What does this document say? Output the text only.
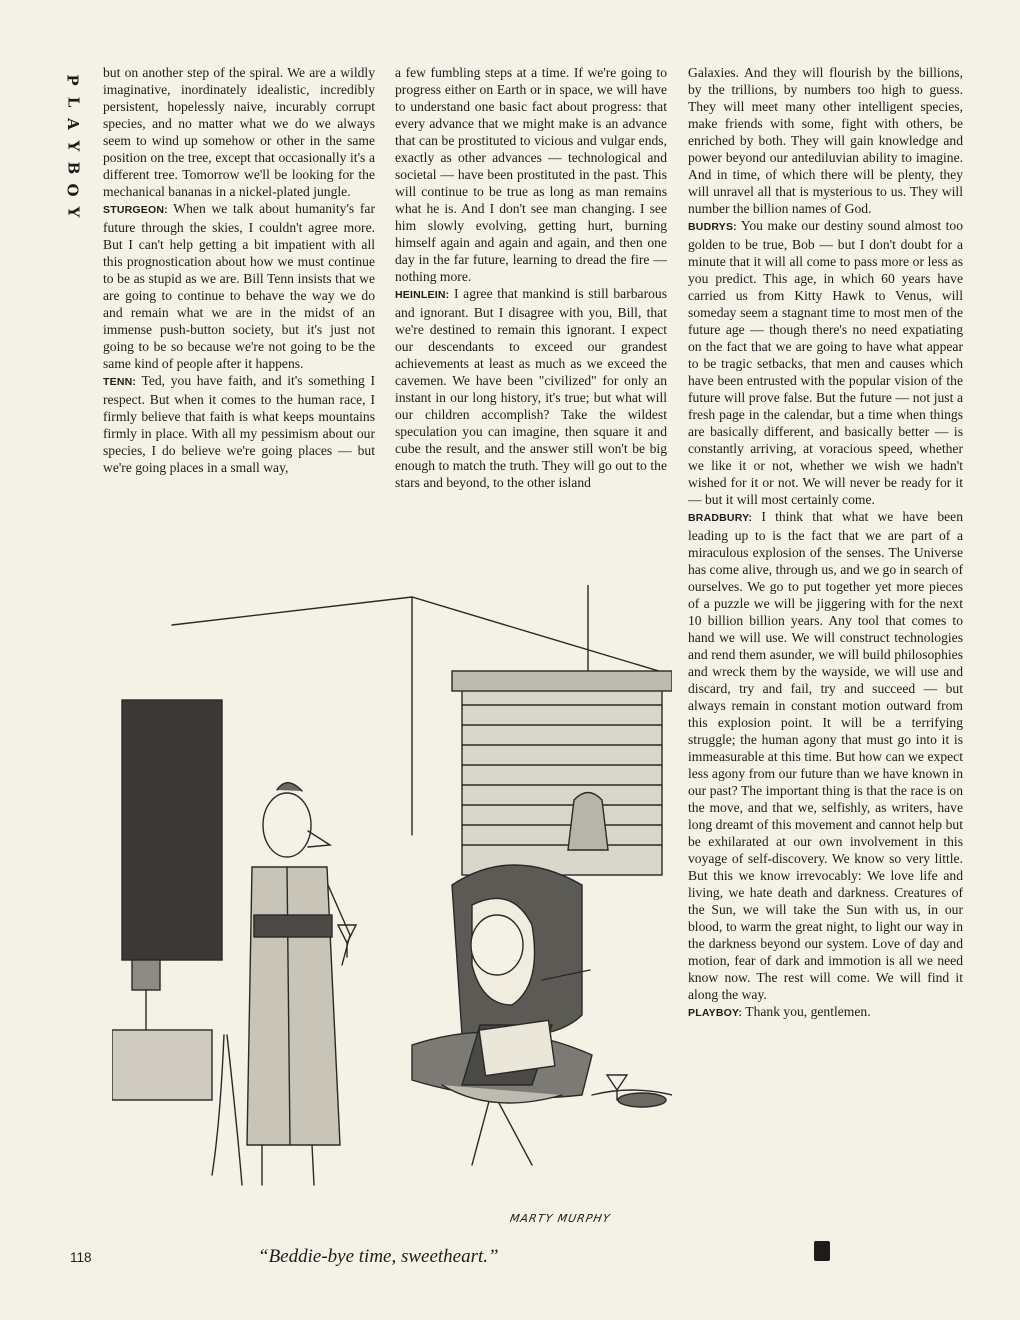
P
L
A
Y
B
O
Y

but on another step of the spiral. We are a wildly imaginative, inordinately idealistic, incredibly persistent, hopelessly naive, incurably corrupt species, and no matter what we do we always seem to wind up somehow or other in the same position on the tree, except that occasionally it's a different tree. Tomorrow we'll be looking for the mechanical bananas in a nickel-plated jungle.

STURGEON: When we talk about humanity's far future through the skies, I couldn't agree more. But I can't help getting a bit impatient with all this prognostication about how we must continue to be as stupid as we are. Bill Tenn insists that we are going to continue to behave the way we do and remain what we are in the midst of an immense push-button society, but it's just not going to be so because we're not going to be the same kind of people after it happens.

TENN: Ted, you have faith, and it's something I respect. But when it comes to the human race, I firmly believe that faith is what keeps mountains firmly in place. With all my pessimism about our species, I do believe we're going places — but we're going places in a small way,

a few fumbling steps at a time. If we're going to progress either on Earth or in space, we will have to understand one basic fact about progress: that every advance that we might make is an advance that can be prostituted to vicious and vulgar ends, exactly as other advances — technological and societal — have been prostituted in the past. This will continue to be true as long as man remains what he is. And I don't see man changing. I see him slowly evolving, getting hurt, burning himself again and again and again, and then one day in the far future, learning to dread the fire — nothing more.

HEINLEIN: I agree that mankind is still barbarous and ignorant. But I disagree with you, Bill, that we're destined to remain this ignorant. I expect our descendants to exceed our grandest achievements at least as much as we exceed the cavemen. We have been "civilized" for only an instant in our long history, it's true; but what will our children accomplish? Take the wildest speculation you can imagine, then square it and cube the result, and the answer still won't be big enough to match the truth. They will go out to the stars and beyond, to the other island

Galaxies. And they will flourish by the billions, by the trillions, by numbers too high to guess. They will meet many other intelligent species, make friends with some, fight with others, be enriched by both. They will gain knowledge and power beyond our antediluvian ability to imagine. And in time, of which there will be plenty, they will unravel all that is mysterious to us. They will number the billion names of God.

BUDRYS: You make our destiny sound almost too golden to be true, Bob — but I don't doubt for a minute that it will all come to pass more or less as you predict. This age, in which 60 years have carried us from Kitty Hawk to Venus, will someday seem a stagnant time to most men of the future age — though there's no need expatiating on the fact that we are going to have what appear to be tragic setbacks, that men and causes which have been entrusted with the popular vision of the future will prove false. But the future — not just a fresh page in the calendar, but a time when things are basically different, and basically better — is constantly arriving, at voracious speed, whether we like it or not, whether we wish we hadn't wished for it or not. We will never be ready for it — but it will most certainly come.

BRADBURY: I think that what we have been leading up to is the fact that we are part of a miraculous explosion of the senses. The Universe has come alive, through us, and we go in search of ourselves. We go to put together yet more pieces of a puzzle we will be jiggering with for the next 10 billion billion years. Any tool that comes to hand we will use. We will construct technologies and rend them asunder, we will build philosophies and wreck them by the wayside, we will use and discard, try and fail, try and succeed — but always remain in constant motion outward from this explosion point. It will be a terrifying struggle; the human agony that must go into it is immeasurable at this time. But how can we expect less agony from our future than we have known in our past? The important thing is that the race is on the move, and that we, selfishly, as writers, have long dreamt of this movement and cannot help but be exhilarated at our own involvement in this voyage of self-discovery. We know so very little. But this we know irrevocably: We love life and living, we hate death and darkness. Creatures of the Sun, we will take the Sun with us, in our blood, to warm the great night, to light our way in the darkness beyond our system. Love of day and motion, fear of dark and immotion is all we need know now. The rest will come. We will find it along the way.

PLAYBOY: Thank you, gentlemen.

MARTY MURPHY
“Beddie-bye time, sweetheart.”
118
